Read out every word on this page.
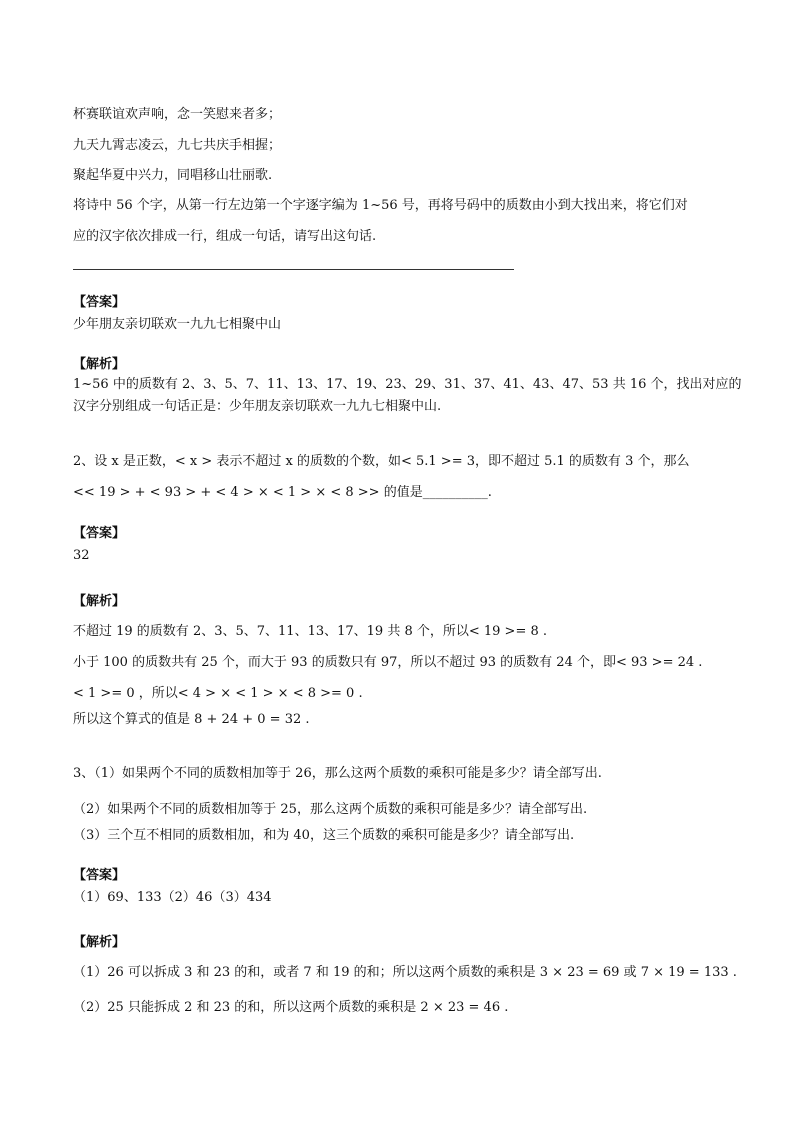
杯赛联谊欢声响，念一笑慰来者多；
九天九霄志凌云，九七共庆手相握；
聚起华夏中兴力，同唱移山壮丽歌.
将诗中 56 个字，从第一行左边第一个字逐字编为 1~56 号，再将号码中的质数由小到大找出来，将它们对
应的汉字依次排成一行，组成一句话，请写出这句话.
【答案】
少年朋友亲切联欢一九九七相聚中山
【解析】
1~56 中的质数有 2、3、5、7、11、13、17、19、23、29、31、37、41、43、47、53 共 16 个，找出对应的
汉字分别组成一句话正是：少年朋友亲切联欢一九九七相聚中山.
2、设 x 是正数，< x > 表示不超过 x 的质数的个数，如< 5.1 >= 3，即不超过 5.1 的质数有 3 个，那么
<< 19 > + < 93 > + < 4 > × < 1 > × < 8 >> 的值是__________.
【答案】
32
【解析】
不超过 19 的质数有 2、3、5、7、11、13、17、19 共 8 个，所以< 19 >= 8 .
小于 100 的质数共有 25 个，而大于 93 的质数只有 97，所以不超过 93 的质数有 24 个，即< 93 >= 24 .
< 1 >= 0 ，所以< 4 > × < 1 > × < 8 >= 0 .
所以这个算式的值是 8 + 24 + 0 = 32 .
3、（1）如果两个不同的质数相加等于 26，那么这两个质数的乘积可能是多少？请全部写出.
（2）如果两个不同的质数相加等于 25，那么这两个质数的乘积可能是多少？请全部写出.
（3）三个互不相同的质数相加，和为 40，这三个质数的乘积可能是多少？请全部写出.
【答案】
（1）69、133（2）46（3）434
【解析】
（1）26 可以拆成 3 和 23 的和，或者 7 和 19 的和；所以这两个质数的乘积是 3 × 23 = 69 或 7 × 19 = 133 .
（2）25 只能拆成 2 和 23 的和，所以这两个质数的乘积是 2 × 23 = 46 .
